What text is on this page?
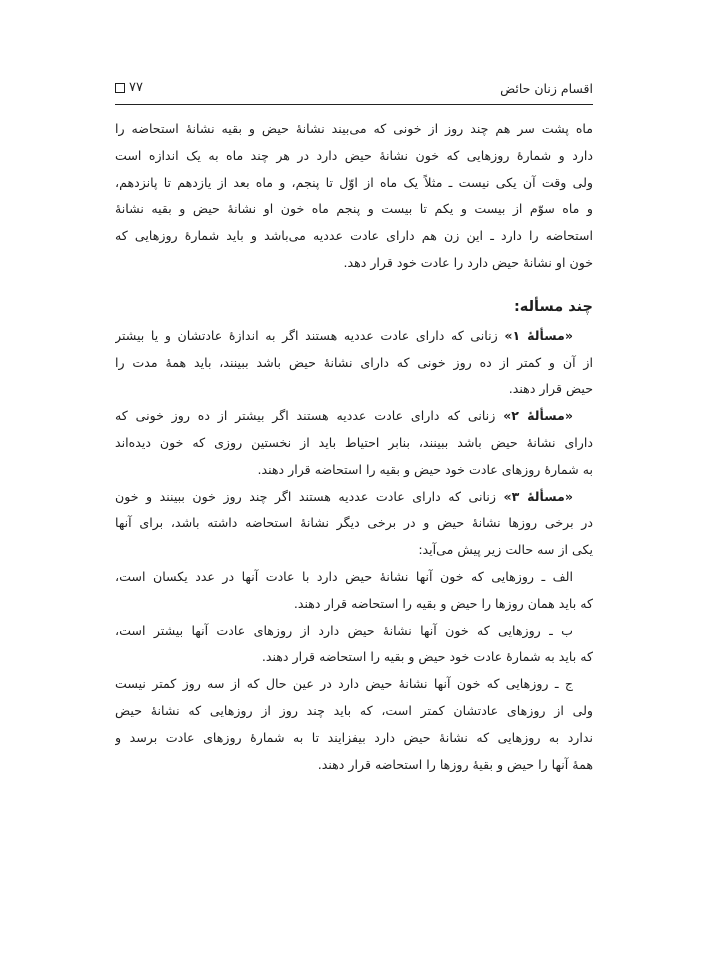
اقسام زنان حائض
۷۷
ماه پشت سر هم چند روز از خونی که می‌بیند نشانهٔ حیض و بقیه نشانهٔ استحاضه را
دارد و شمارهٔ روزهایی که خون نشانهٔ حیض دارد در هر چند ماه به یک اندازه است
ولی وقت آن یکی نیست ـ مثلاً یک ماه از اوّل تا پنجم، و ماه بعد از یازدهم تا پانزدهم،
و ماه سوّم از بیست و یکم تا بیست و پنجم ماه خون او نشانهٔ حیض و بقیه نشانهٔ
استحاضه را دارد ـ این زن هم دارای عادت عددیه می‌باشد و باید شمارهٔ روزهایی که
خون او نشانهٔ حیض دارد را عادت خود قرار دهد.
چند مسأله:
«مسألهٔ ۱» زنانی که دارای عادت عددیه هستند اگر به اندازهٔ عادتشان و یا بیشتر
از آن و کمتر از ده روز خونی که دارای نشانهٔ حیض باشد ببینند، باید همهٔ مدت را
حیض قرار دهند.
«مسألهٔ ۲» زنانی که دارای عادت عددیه هستند اگر بیشتر از ده روز خونی که
دارای نشانهٔ حیض باشد ببینند، بنابر احتیاط باید از نخستین روزی که خون دیده‌اند
به شمارهٔ روزهای عادت خود حیض و بقیه را استحاضه قرار دهند.
«مسألهٔ ۳» زنانی که دارای عادت عددیه هستند اگر چند روز خون ببینند و خون
در برخی روزها نشانهٔ حیض و در برخی دیگر نشانهٔ استحاضه داشته باشد، برای آنها
یکی از سه حالت زیر پیش می‌آید:
الف ـ روزهایی که خون آنها نشانهٔ حیض دارد با عادت آنها در عدد یکسان است،
که باید همان روزها را حیض و بقیه را استحاضه قرار دهند.
ب ـ روزهایی که خون آنها نشانهٔ حیض دارد از روزهای عادت آنها بیشتر است،
که باید به شمارهٔ عادت خود حیض و بقیه را استحاضه قرار دهند.
ج ـ روزهایی که خون آنها نشانهٔ حیض دارد در عین حال که از سه روز کمتر نیست
ولی از روزهای عادتشان کمتر است، که باید چند روز از روزهایی که نشانهٔ حیض
ندارد به روزهایی که نشانهٔ حیض دارد بیفزایند تا به شمارهٔ روزهای عادت برسد و
همهٔ آنها را حیض و بقیهٔ روزها را استحاضه قرار دهند.
